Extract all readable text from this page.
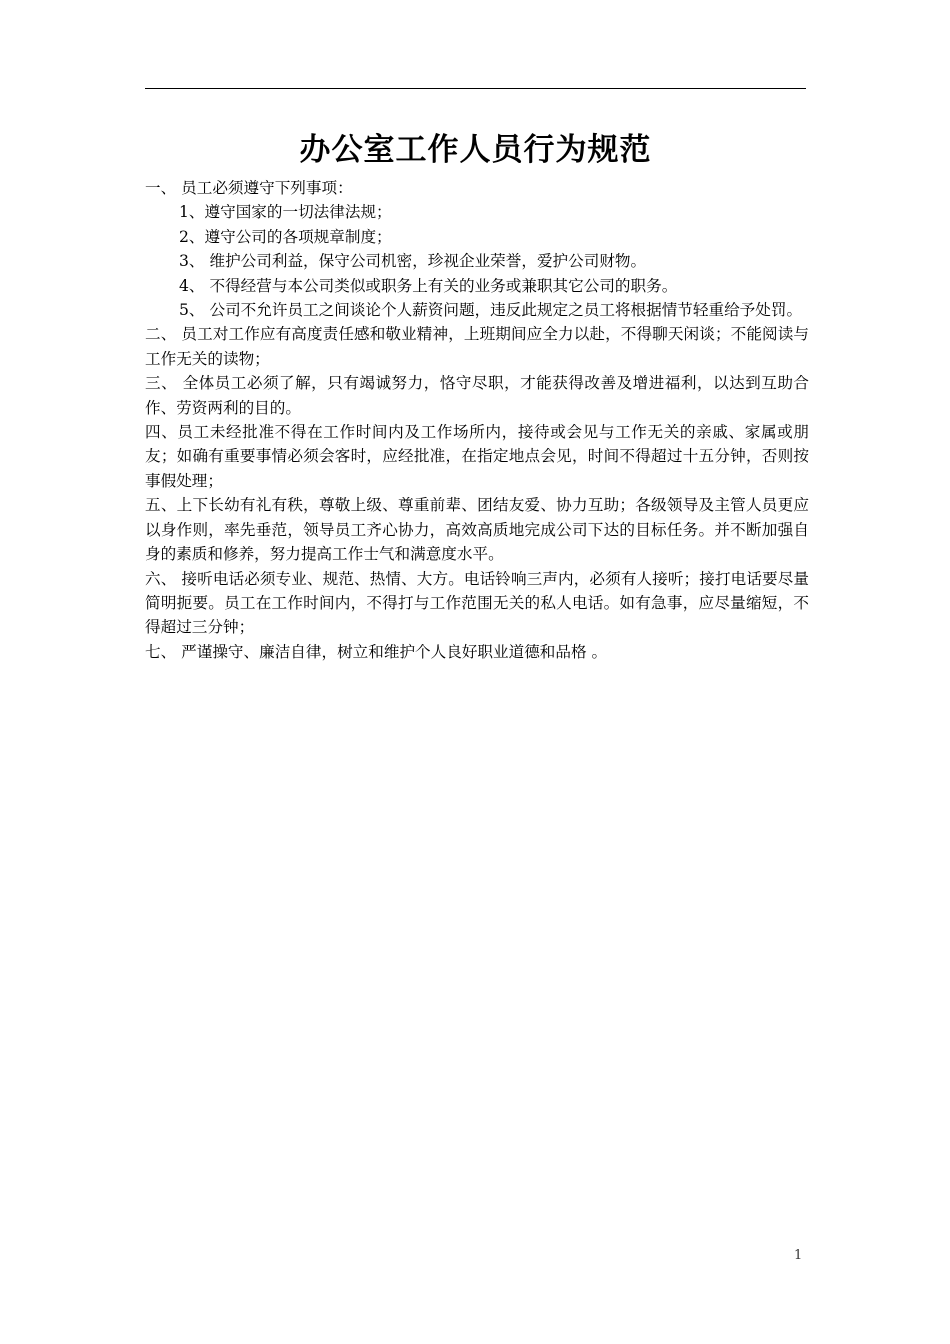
办公室工作人员行为规范

一、 员工必须遵守下列事项：

1、遵守国家的一切法律法规；

2、遵守公司的各项规章制度；

3、 维护公司利益，保守公司机密，珍视企业荣誉，爱护公司财物。

4、 不得经营与本公司类似或职务上有关的业务或兼职其它公司的职务。

5、 公司不允许员工之间谈论个人薪资问题，违反此规定之员工将根据情节轻重给予处罚。

二、 员工对工作应有高度责任感和敬业精神，上班期间应全力以赴，不得聊天闲谈；不能阅读与工作无关的读物；

三、 全体员工必须了解，只有竭诚努力，恪守尽职，才能获得改善及增进福利，以达到互助合作、劳资两利的目的。

四、员工未经批准不得在工作时间内及工作场所内，接待或会见与工作无关的亲戚、家属或朋友；如确有重要事情必须会客时，应经批准，在指定地点会见，时间不得超过十五分钟，否则按事假处理；

五、上下长幼有礼有秩，尊敬上级、尊重前辈、团结友爱、协力互助；各级领导及主管人员更应以身作则，率先垂范，领导员工齐心协力，高效高质地完成公司下达的目标任务。并不断加强自身的素质和修养，努力提高工作士气和满意度水平。

六、 接听电话必须专业、规范、热情、大方。电话铃响三声内，必须有人接听；接打电话要尽量简明扼要。员工在工作时间内，不得打与工作范围无关的私人电话。如有急事，应尽量缩短，不得超过三分钟；

七、 严谨操守、廉洁自律，树立和维护个人良好职业道德和品格 。

1
